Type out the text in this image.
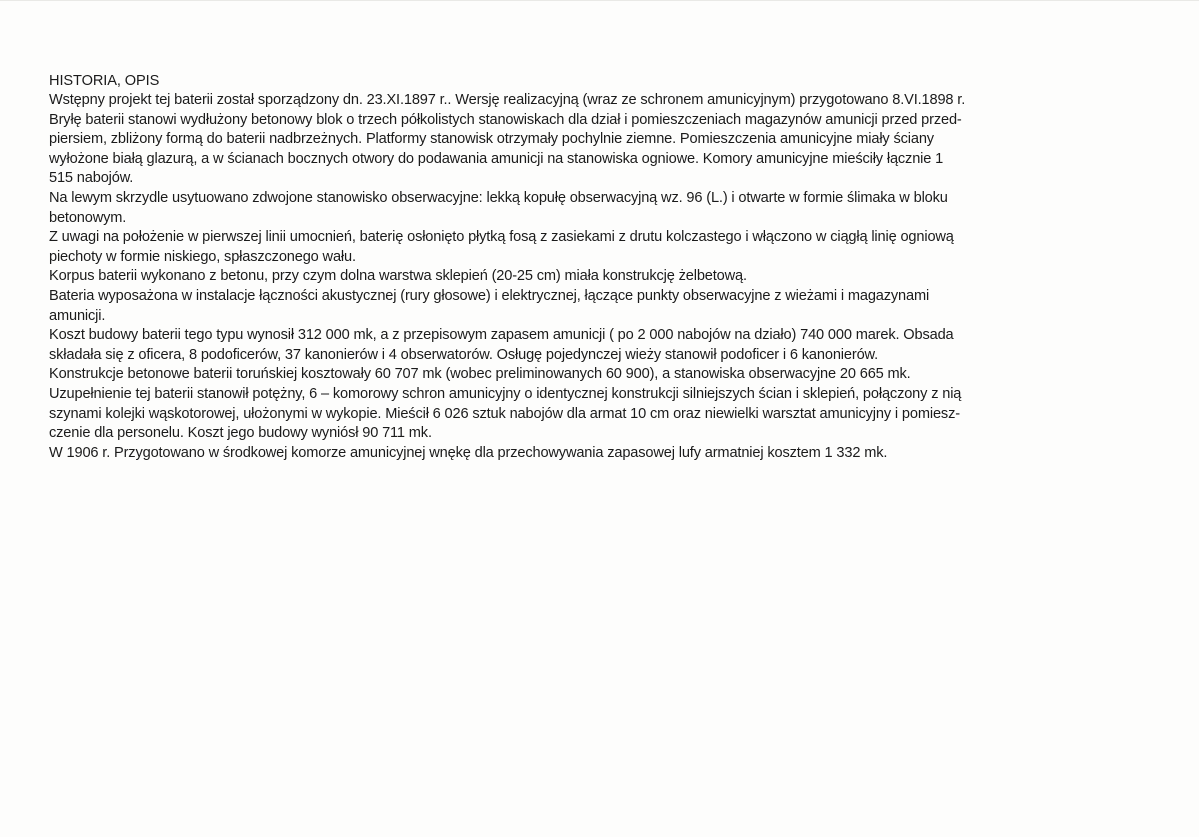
HISTORIA, OPIS

Wstępny projekt tej baterii został sporządzony dn. 23.XI.1897 r.. Wersję realizacyjną (wraz ze schronem amunicyjnym) przygotowano 8.VI.1898 r.
Bryłę baterii stanowi wydłużony betonowy blok o trzech półkolistych stanowiskach dla dział i pomieszczeniach magazynów amunicji przed przed-
piersiem, zbliżony formą do baterii nadbrzeżnych. Platformy stanowisk otrzymały pochylnie ziemne. Pomieszczenia amunicyjne miały ściany
wyłożone białą glazurą, a w ścianach bocznych otwory do podawania amunicji na stanowiska ogniowe. Komory amunicyjne mieściły łącznie 1
515 nabojów.

Na lewym skrzydle usytuowano zdwojone stanowisko obserwacyjne: lekką kopułę obserwacyjną wz. 96 (L.) i otwarte w formie ślimaka w bloku
betonowym.

Z uwagi na położenie w pierwszej linii umocnień, baterię osłonięto płytką fosą z zasiekami z drutu kolczastego i włączono w ciągłą linię ogniową
piechoty w formie niskiego, spłaszczonego wału.

Korpus baterii wykonano z betonu, przy czym dolna warstwa sklepień (20-25 cm) miała konstrukcję żelbetową.

Bateria wyposażona w instalacje łączności akustycznej (rury głosowe) i elektrycznej, łączące punkty obserwacyjne z wieżami i magazynami
amunicji.

Koszt budowy baterii tego typu wynosił 312 000 mk, a z przepisowym zapasem amunicji ( po 2 000 nabojów na działo) 740 000 marek. Obsada
składała się z oficera, 8 podoficerów, 37 kanonierów i 4 obserwatorów. Osługę pojedynczej wieży stanowił podoficer i 6 kanonierów.

Konstrukcje betonowe baterii toruńskiej kosztowały 60 707 mk (wobec preliminowanych 60 900), a stanowiska obserwacyjne 20 665 mk.

Uzupełnienie tej baterii stanowił potężny, 6 – komorowy schron amunicyjny o identycznej konstrukcji silniejszych ścian i sklepień, połączony z nią
szynami kolejki wąskotorowej, ułożonymi w wykopie. Mieścił 6 026 sztuk nabojów dla armat 10 cm oraz niewielki warsztat amunicyjny i pomiesz-
czenie dla personelu. Koszt jego budowy wyniósł 90 711 mk.

W 1906 r. Przygotowano w środkowej komorze amunicyjnej wnękę dla przechowywania zapasowej lufy armatniej kosztem 1 332 mk.
